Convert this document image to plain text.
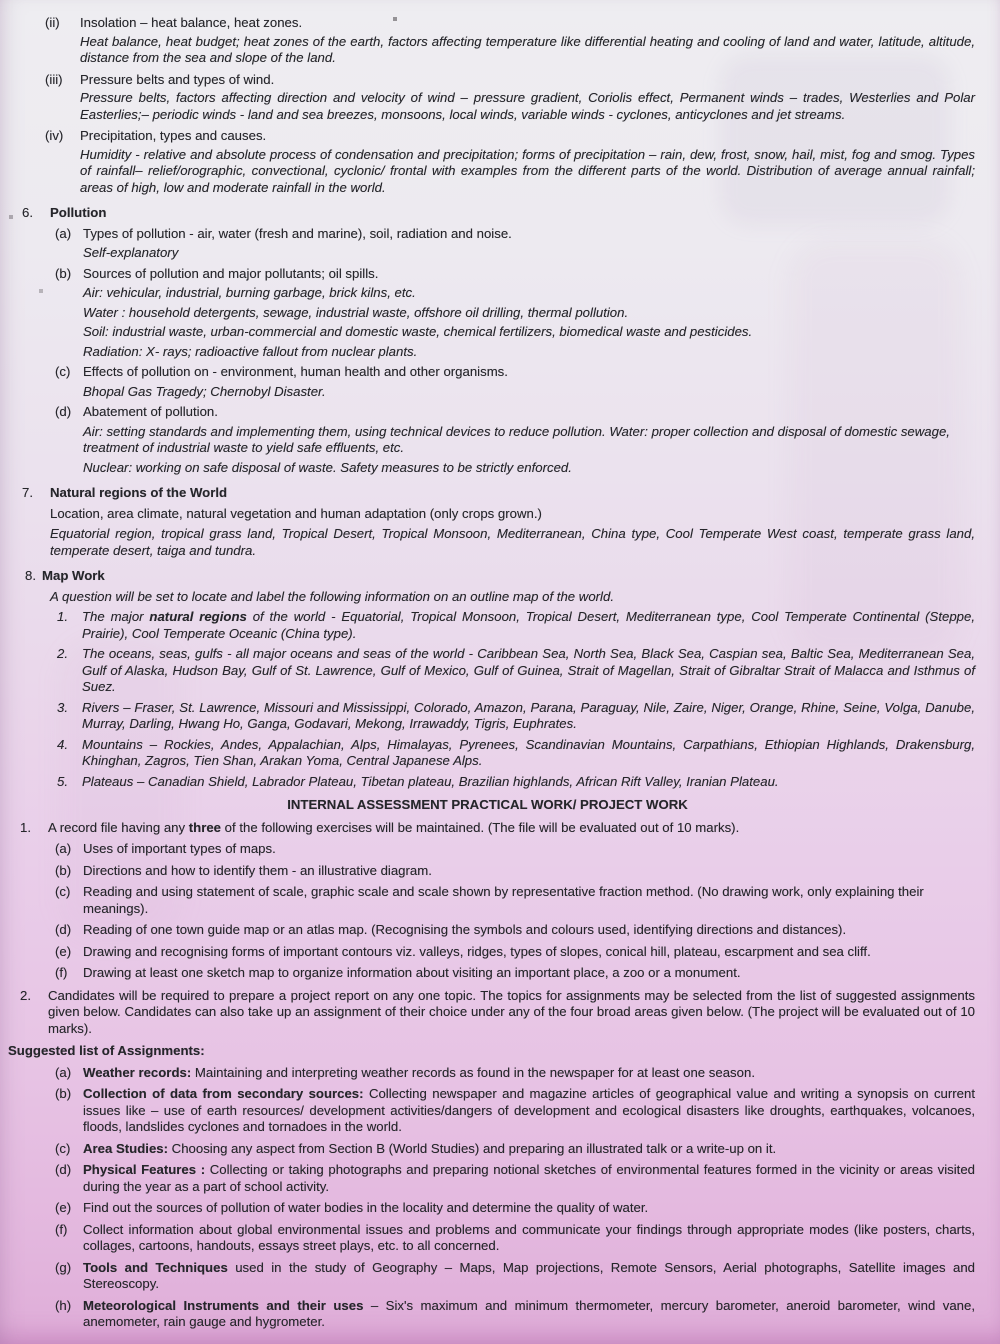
(ii)	Insolation – heat balance, heat zones.
Heat balance, heat budget; heat zones of the earth, factors affecting temperature like differential heating and cooling of land and water, latitude, altitude, distance from the sea and slope of the land.
(iii)	Pressure belts and types of wind.
Pressure belts, factors affecting direction and velocity of wind – pressure gradient, Coriolis effect, Permanent winds – trades, Westerlies and Polar Easterlies;– periodic winds - land and sea breezes, monsoons, local winds, variable winds - cyclones, anticyclones and jet streams.
(iv)	Precipitation, types and causes.
Humidity - relative and absolute process of condensation and precipitation; forms of precipitation – rain, dew, frost, snow, hail, mist, fog and smog. Types of rainfall– relief/orographic, convectional, cyclonic/ frontal with examples from the different parts of the world. Distribution of average annual rainfall; areas of high, low and moderate rainfall in the world.
6.	Pollution
(a) Types of pollution - air, water (fresh and marine), soil, radiation and noise.
Self-explanatory
(b) Sources of pollution and major pollutants; oil spills.
Air: vehicular, industrial, burning garbage, brick kilns, etc.
Water : household detergents, sewage, industrial waste, offshore oil drilling, thermal pollution.
Soil: industrial waste, urban-commercial and domestic waste, chemical fertilizers, biomedical waste and pesticides.
Radiation: X- rays; radioactive fallout from nuclear plants.
(c) Effects of pollution on - environment, human health and other organisms.
Bhopal Gas Tragedy; Chernobyl Disaster.
(d) Abatement of pollution.
Air: setting standards and implementing them, using technical devices to reduce pollution. Water: proper collection and disposal of domestic sewage, treatment of industrial waste to yield safe effluents, etc.
Nuclear: working on safe disposal of waste. Safety measures to be strictly enforced.
7.	Natural regions of the World
Location, area climate, natural vegetation and human adaptation (only crops grown.)
Equatorial region, tropical grass land, Tropical Desert, Tropical Monsoon, Mediterranean, China type, Cool Temperate West coast, temperate grass land, temperate desert, taiga and tundra.
8. Map Work
A question will be set to locate and label the following information on an outline map of the world.
1.	The major natural regions of the world - Equatorial, Tropical Monsoon, Tropical Desert, Mediterranean type, Cool Temperate Continental (Steppe, Prairie), Cool Temperate Oceanic (China type).
2.	The oceans, seas, gulfs - all major oceans and seas of the world - Caribbean Sea, North Sea, Black Sea, Caspian sea, Baltic Sea, Mediterranean Sea, Gulf of Alaska, Hudson Bay, Gulf of St. Lawrence, Gulf of Mexico, Gulf of Guinea, Strait of Magellan, Strait of Gibraltar Strait of Malacca and Isthmus of Suez.
3.	Rivers – Fraser, St. Lawrence, Missouri and Mississippi, Colorado, Amazon, Parana, Paraguay, Nile, Zaire, Niger, Orange, Rhine, Seine, Volga, Danube, Murray, Darling, Hwang Ho, Ganga, Godavari, Mekong, Irrawaddy, Tigris, Euphrates.
4.	Mountains – Rockies, Andes, Appalachian, Alps, Himalayas, Pyrenees, Scandinavian Mountains, Carpathians, Ethiopian Highlands, Drakensburg, Khinghan, Zagros, Tien Shan, Arakan Yoma, Central Japanese Alps.
5.	Plateaus – Canadian Shield, Labrador Plateau, Tibetan plateau, Brazilian highlands, African Rift Valley, Iranian Plateau.
INTERNAL ASSESSMENT PRACTICAL WORK/ PROJECT WORK
1.	A record file having any three of the following exercises will be maintained. (The file will be evaluated out of 10 marks).
(a) Uses of important types of maps.
(b) Directions and how to identify them - an illustrative diagram.
(c) Reading and using statement of scale, graphic scale and scale shown by representative fraction method. (No drawing work, only explaining their meanings).
(d) Reading of one town guide map or an atlas map. (Recognising the symbols and colours used, identifying directions and distances).
(e) Drawing and recognising forms of important contours viz. valleys, ridges, types of slopes, conical hill, plateau, escarpment and sea cliff.
(f)	Drawing at least one sketch map to organize information about visiting an important place, a zoo or a monument.
2.	Candidates will be required to prepare a project report on any one topic. The topics for assignments may be selected from the list of suggested assignments given below. Candidates can also take up an assignment of their choice under any of the four broad areas given below. (The project will be evaluated out of 10 marks).
Suggested list of Assignments:
(a) Weather records: Maintaining and interpreting weather records as found in the newspaper for at least one season.
(b) Collection of data from secondary sources: Collecting newspaper and magazine articles of geographical value and writing a synopsis on current issues like – use of earth resources/ development activities/dangers of development and ecological disasters like droughts, earthquakes, volcanoes, floods, landslides cyclones and tornadoes in the world.
(c) Area Studies: Choosing any aspect from Section B (World Studies) and preparing an illustrated talk or a write-up on it.
(d) Physical Features : Collecting or taking photographs and preparing notional sketches of environmental features formed in the vicinity or areas visited during the year as a part of school activity.
(e) Find out the sources of pollution of water bodies in the locality and determine the quality of water.
(f)	Collect information about global environmental issues and problems and communicate your findings through appropriate modes (like posters, charts, collages, cartoons, handouts, essays street plays, etc. to all concerned.
(g) Tools and Techniques used in the study of Geography – Maps, Map projections, Remote Sensors, Aerial photographs, Satellite images and Stereoscopy.
(h) Meteorological Instruments and their uses – Six's maximum and minimum thermometer, mercury barometer, aneroid barometer, wind vane, anemometer, rain gauge and hygrometer.
